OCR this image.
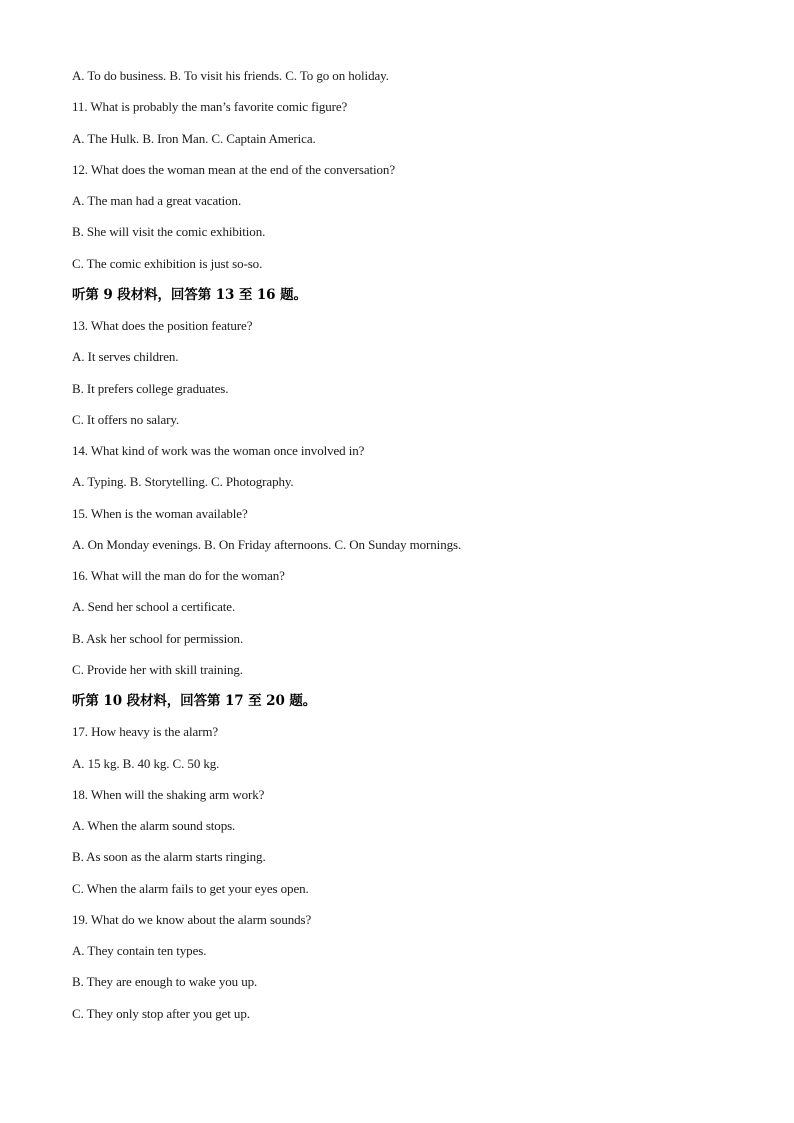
A. To do business. B. To visit his friends. C. To go on holiday.
11. What is probably the man’s favorite comic figure?
A. The Hulk. B. Iron Man. C. Captain America.
12. What does the woman mean at the end of the conversation?
A. The man had a great vacation.
B. She will visit the comic exhibition.
C. The comic exhibition is just so-so.
听第 9 段材料，回答第 13 至 16 题。
13. What does the position feature?
A. It serves children.
B. It prefers college graduates.
C. It offers no salary.
14. What kind of work was the woman once involved in?
A. Typing. B. Storytelling. C. Photography.
15. When is the woman available?
A. On Monday evenings. B. On Friday afternoons. C. On Sunday mornings.
16. What will the man do for the woman?
A. Send her school a certificate.
B. Ask her school for permission.
C. Provide her with skill training.
听第 10 段材料，回答第 17 至 20 题。
17. How heavy is the alarm?
A. 15 kg. B. 40 kg. C. 50 kg.
18. When will the shaking arm work?
A. When the alarm sound stops.
B. As soon as the alarm starts ringing.
C. When the alarm fails to get your eyes open.
19. What do we know about the alarm sounds?
A. They contain ten types.
B. They are enough to wake you up.
C. They only stop after you get up.
